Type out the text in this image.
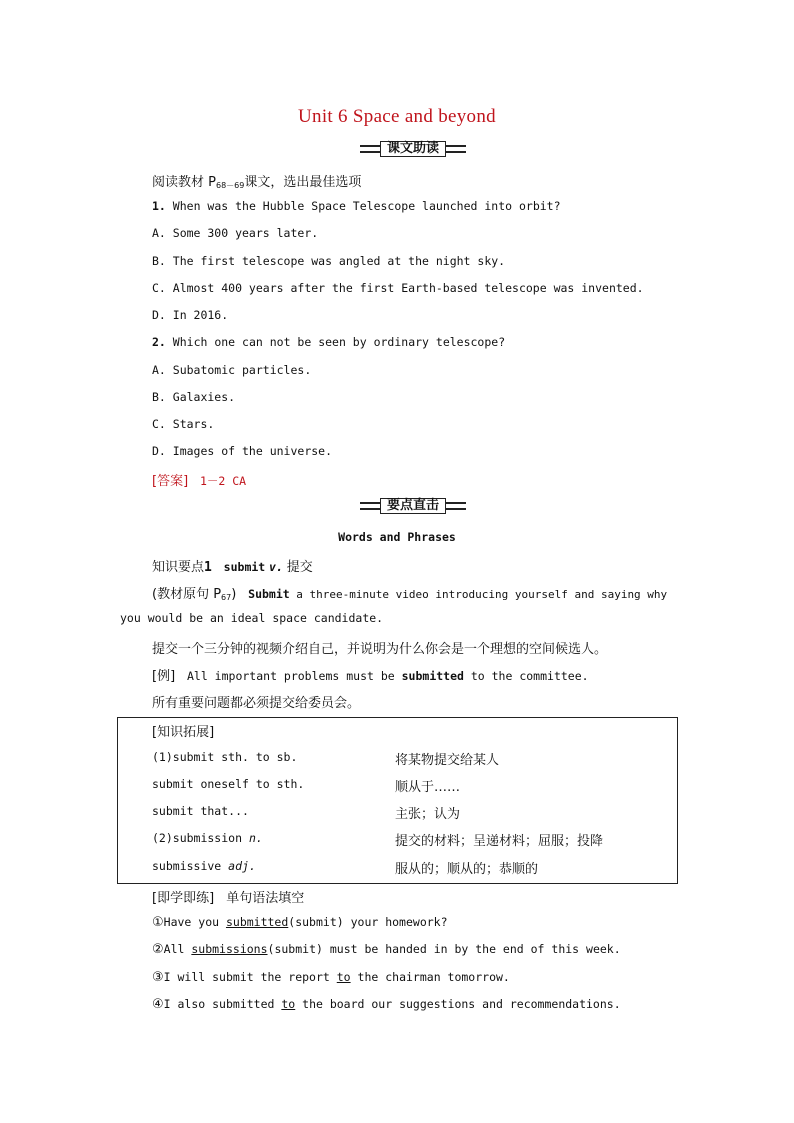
Unit 6 Space and beyond
课文助读
阅读教材 $P_{68-69}$课文，选出最佳选项
1. When was the Hubble Space Telescope launched into orbit?
A. Some 300 years later.
B. The first telescope was angled at the night sky.
C. Almost 400 years after the first Earth-based telescope was invented.
D. In 2016.
2. Which one can not be seen by ordinary telescope?
A. Subatomic particles.
B. Galaxies.
C. Stars.
D. Images of the universe.
[答案] 1－2 CA
要点直击
Words and Phrases
知识要点1 submit v. 提交
(教材原句 $P_{67}$) Submit a three-minute video introducing yourself and saying why
you would be an ideal space candidate.
提交一个三分钟的视频介绍自己，并说明为什么你会是一个理想的空间候选人。
[例] All important problems must be submitted to the committee.
所有重要问题都必须提交给委员会。
[知识拓展]
(1)submit sth. to sb.	将某物提交给某人
submit oneself to sth.	顺从于……
submit that...	主张；认为
(2)submission n.	提交的材料；呈递材料；屈服；投降
submissive adj.	服从的；顺从的；恭顺的
[即学即练] 单句语法填空
①Have you submitted(submit) your homework?
②All submissions(submit) must be handed in by the end of this week.
③I will submit the report to the chairman tomorrow.
④I also submitted to the board our suggestions and recommendations.
